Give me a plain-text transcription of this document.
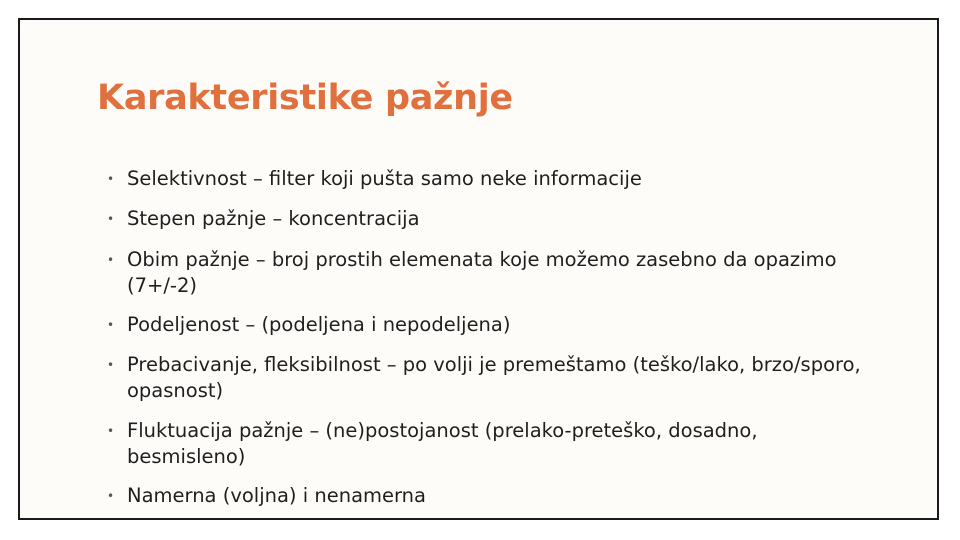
Karakteristike pažnje
• Selektivnost – filter koji pušta samo neke informacije
• Stepen pažnje – koncentracija
• Obim pažnje – broj prostih elemenata koje možemo zasebno da opazimo (7+/-2)
• Podeljenost – (podeljena i nepodeljena)
• Prebacivanje, fleksibilnost – po volji je premeštamo (teško/lako, brzo/sporo, opasnost)
• Fluktuacija pažnje – (ne)postojanost (prelako-preteško, dosadno, besmisleno)
• Namerna (voljna) i nenamerna
